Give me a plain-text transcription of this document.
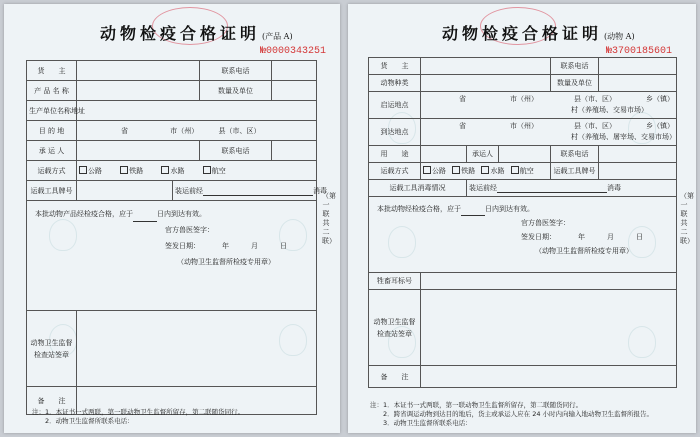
动物检疫合格证明 (产品 A)
№0000343251
货　　主			联系电话	
产 品 名 称			数量及单位	
生产单位名称地址				
目 的 地	省 市（州） 县（市、区）			
承 运 人			联系电话	
运载方式	公路 铁路 水路 航空			
运载工具牌号		装运前经 消毒		

本批动物产品经检疫合格，应于 日内到达有效。
官方兽医签字：
签发日期： 年 月 日
（动物卫生监督所检疫专用章）				

动物卫生监督检查站签章				
备　　注				
（第一联　共二联）
注：1．本证书一式两联，第一联动物卫生监督所留存，第二联随货同行。
　　2．动物卫生监督所联系电话：
动物检疫合格证明 (动物 A)
№3700185601
货　　主				联系电话	
动物种类				数量及单位	
启运地点	省 市（州） 县（市、区） 乡（镇）
村（养殖场、交易市场）				

到达地点	省 市（州） 县（市、区） 乡（镇）
村（养殖场、屠宰场、交易市场）				

用　　途		承运人		联系电话	
运载方式	公路 铁路 水路 航空			运载工具牌号	
运载工具消毒情况		装运前经 消毒			

本批动物经检疫合格，应于 日内到达有效。
官方兽医签字：
签发日期： 年 月 日
（动物卫生监督所检疫专用章）					

牲畜耳标号					
动物卫生监督检查站签章					
备　　注					
（第一联　共二联）
注：1．本证书一式两联，第一联动物卫生监督所留存，第二联随货同行。
　　2．跨省调运动物到达目的地后，货主或承运人应在 24 小时内向输入地动物卫生监督所报告。
　　3．动物卫生监督所联系电话：
